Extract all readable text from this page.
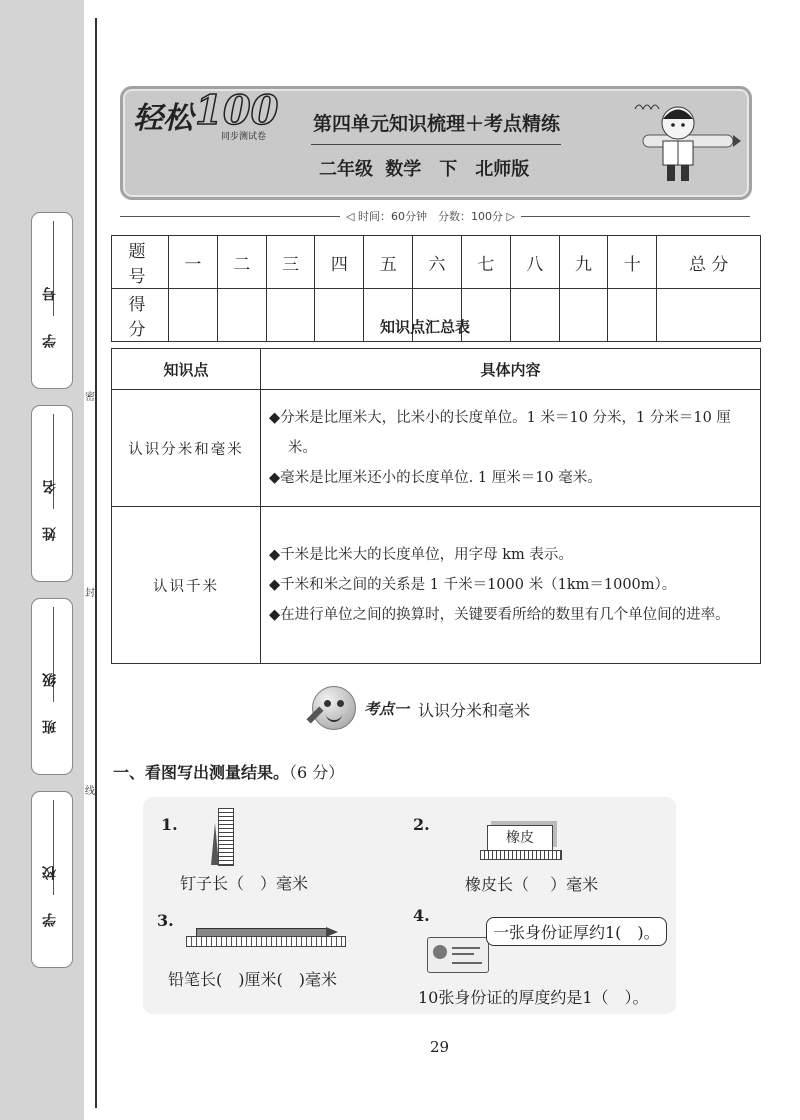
学 号
姓 名
班 级
学 校
密
封
线
轻松 100
同步测试卷
第四单元知识梳理＋考点精练
二年级 数学　下　北师版
◁ 时间：60分钟　分数：100分 ▷
题 号	一	二	三	四	五	六	七	八	九	十	总 分
得 分												知识点汇总表
知识点	具体内容
认识分米和毫米	◆分米是比厘米大，比米小的长度单位。1 米＝10 分米，1 分米＝10 厘米。

◆毫米是比厘米还小的长度单位. 1 厘米＝10 毫米。

认识千米	◆千米是比米大的长度单位，用字母 km 表示。

◆千米和米之间的关系是 1 千米＝1000 米（1km＝1000m）。

◆在进行单位之间的换算时，关键要看所给的数里有几个单位间的进率。

考点一 认识分米和毫米
一、看图写出测量结果。（6 分）
1.
钉子长（　）毫米
2.
橡皮
橡皮长（　 ）毫米
3.
铅笔长(　)厘米(　)毫米
4.
一张身份证厚约1(　)。
10张身份证的厚度约是1（　）。
29
